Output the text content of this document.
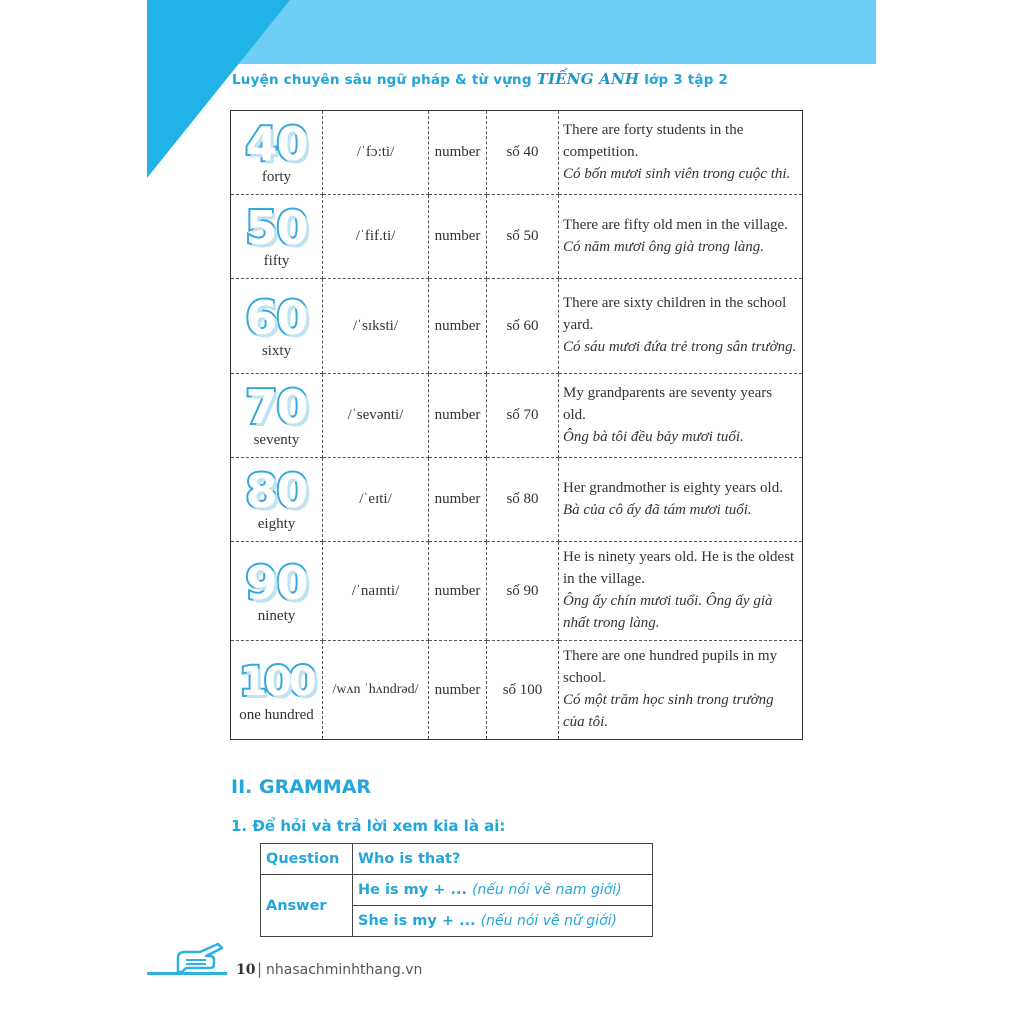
Luyện chuyên sâu ngữ pháp & từ vựng TIẾNG ANH lớp 3 tập 2
40
forty	/ˈfɔ:ti/	number	số 40	There are forty students in the competition.
Có bốn mươi sinh viên trong cuộc thi.

50
fifty	/ˈfif.ti/	number	số 50	There are fifty old men in the village.
Có năm mươi ông già trong làng.

60
sixty	/ˈsɪksti/	number	số 60	There are sixty children in the school yard.
Có sáu mươi đứa trẻ trong sân trường.

70
seventy	/ˈsevənti/	number	số 70	My grandparents are seventy years old.
Ông bà tôi đều bảy mươi tuổi.

80
eighty	/ˈeɪti/	number	số 80	Her grandmother is eighty years old.
Bà của cô ấy đã tám mươi tuổi.

90
ninety	/ˈnaɪnti/	number	số 90	He is ninety years old. He is the oldest in the village.
Ông ấy chín mươi tuổi. Ông ấy già nhất trong làng.

100
one hundred	/wʌn ˈhʌndrəd/	number	số 100	There are one hundred pupils in my school.
Có một trăm học sinh trong trường của tôi.
II. GRAMMAR
1. Để hỏi và trả lời xem kia là ai:
Question	Who is that?
Answer	He is my + ... (nếu nói về nam giới)
	She is my + ... (nếu nói về nữ giới)
10 | nhasachminhthang.vn
